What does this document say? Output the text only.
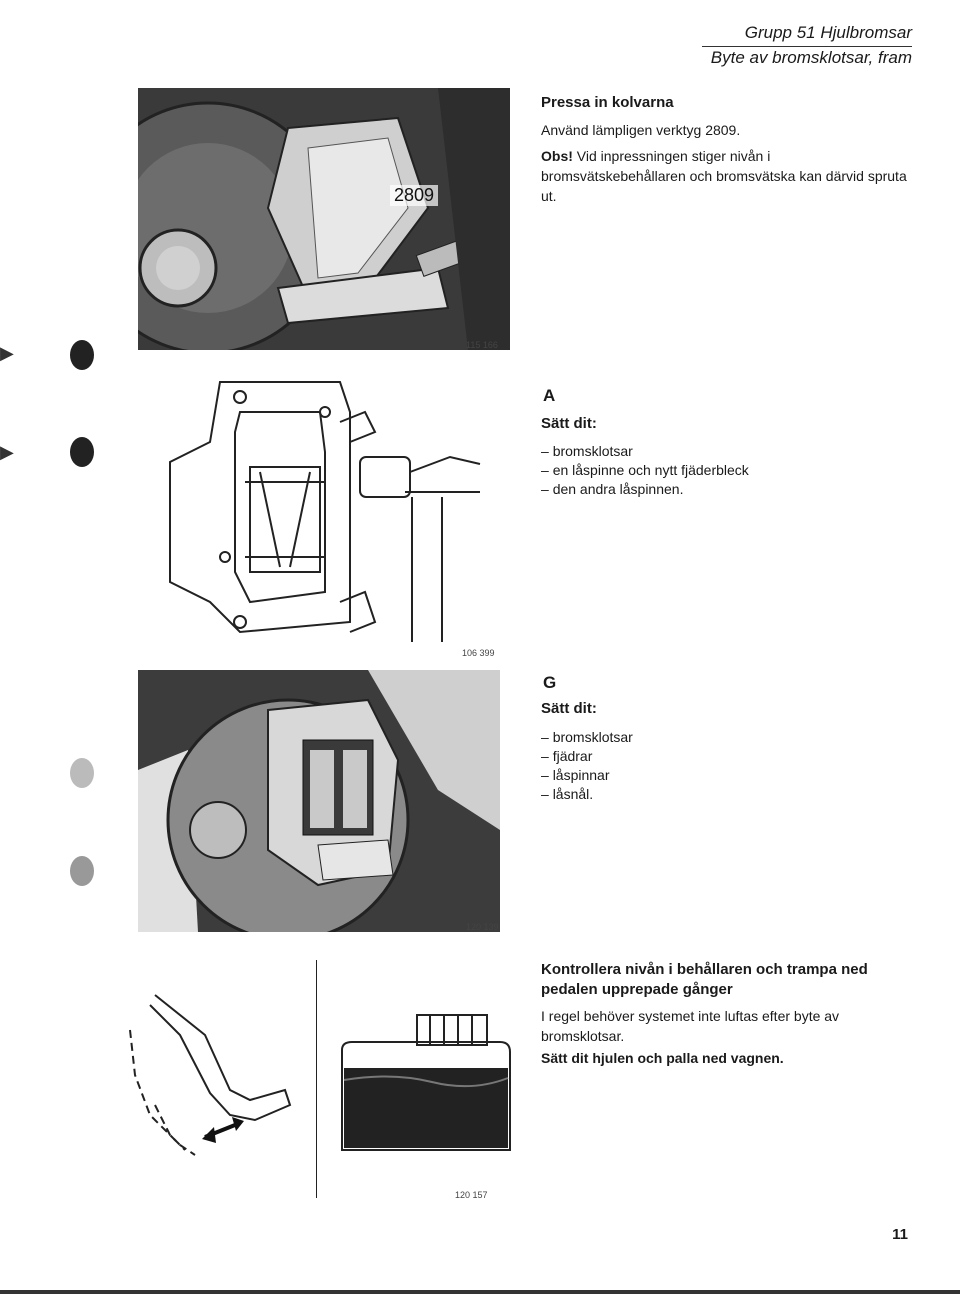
Grupp 51 Hjulbromsar
Byte av bromsklotsar, fram
▶
▶
2809
115 166
Pressa in kolvarna
Använd lämpligen verktyg 2809.
Obs! Vid inpressningen stiger nivån i bromsvätskebehållaren och bromsvätska kan därvid spruta ut.
106 399
A
Sätt dit:
– bromsklotsar
– en låspinne och nytt fjäderbleck
– den andra låspinnen.
120 139
G
Sätt dit:
– bromsklotsar
– fjädrar
– låspinnar
– låsnål.
120 157
Kontrollera nivån i behållaren och trampa ned pedalen upprepade gånger
I regel behöver systemet inte luftas efter byte av bromsklotsar.
Sätt dit hjulen och palla ned vagnen.
11
